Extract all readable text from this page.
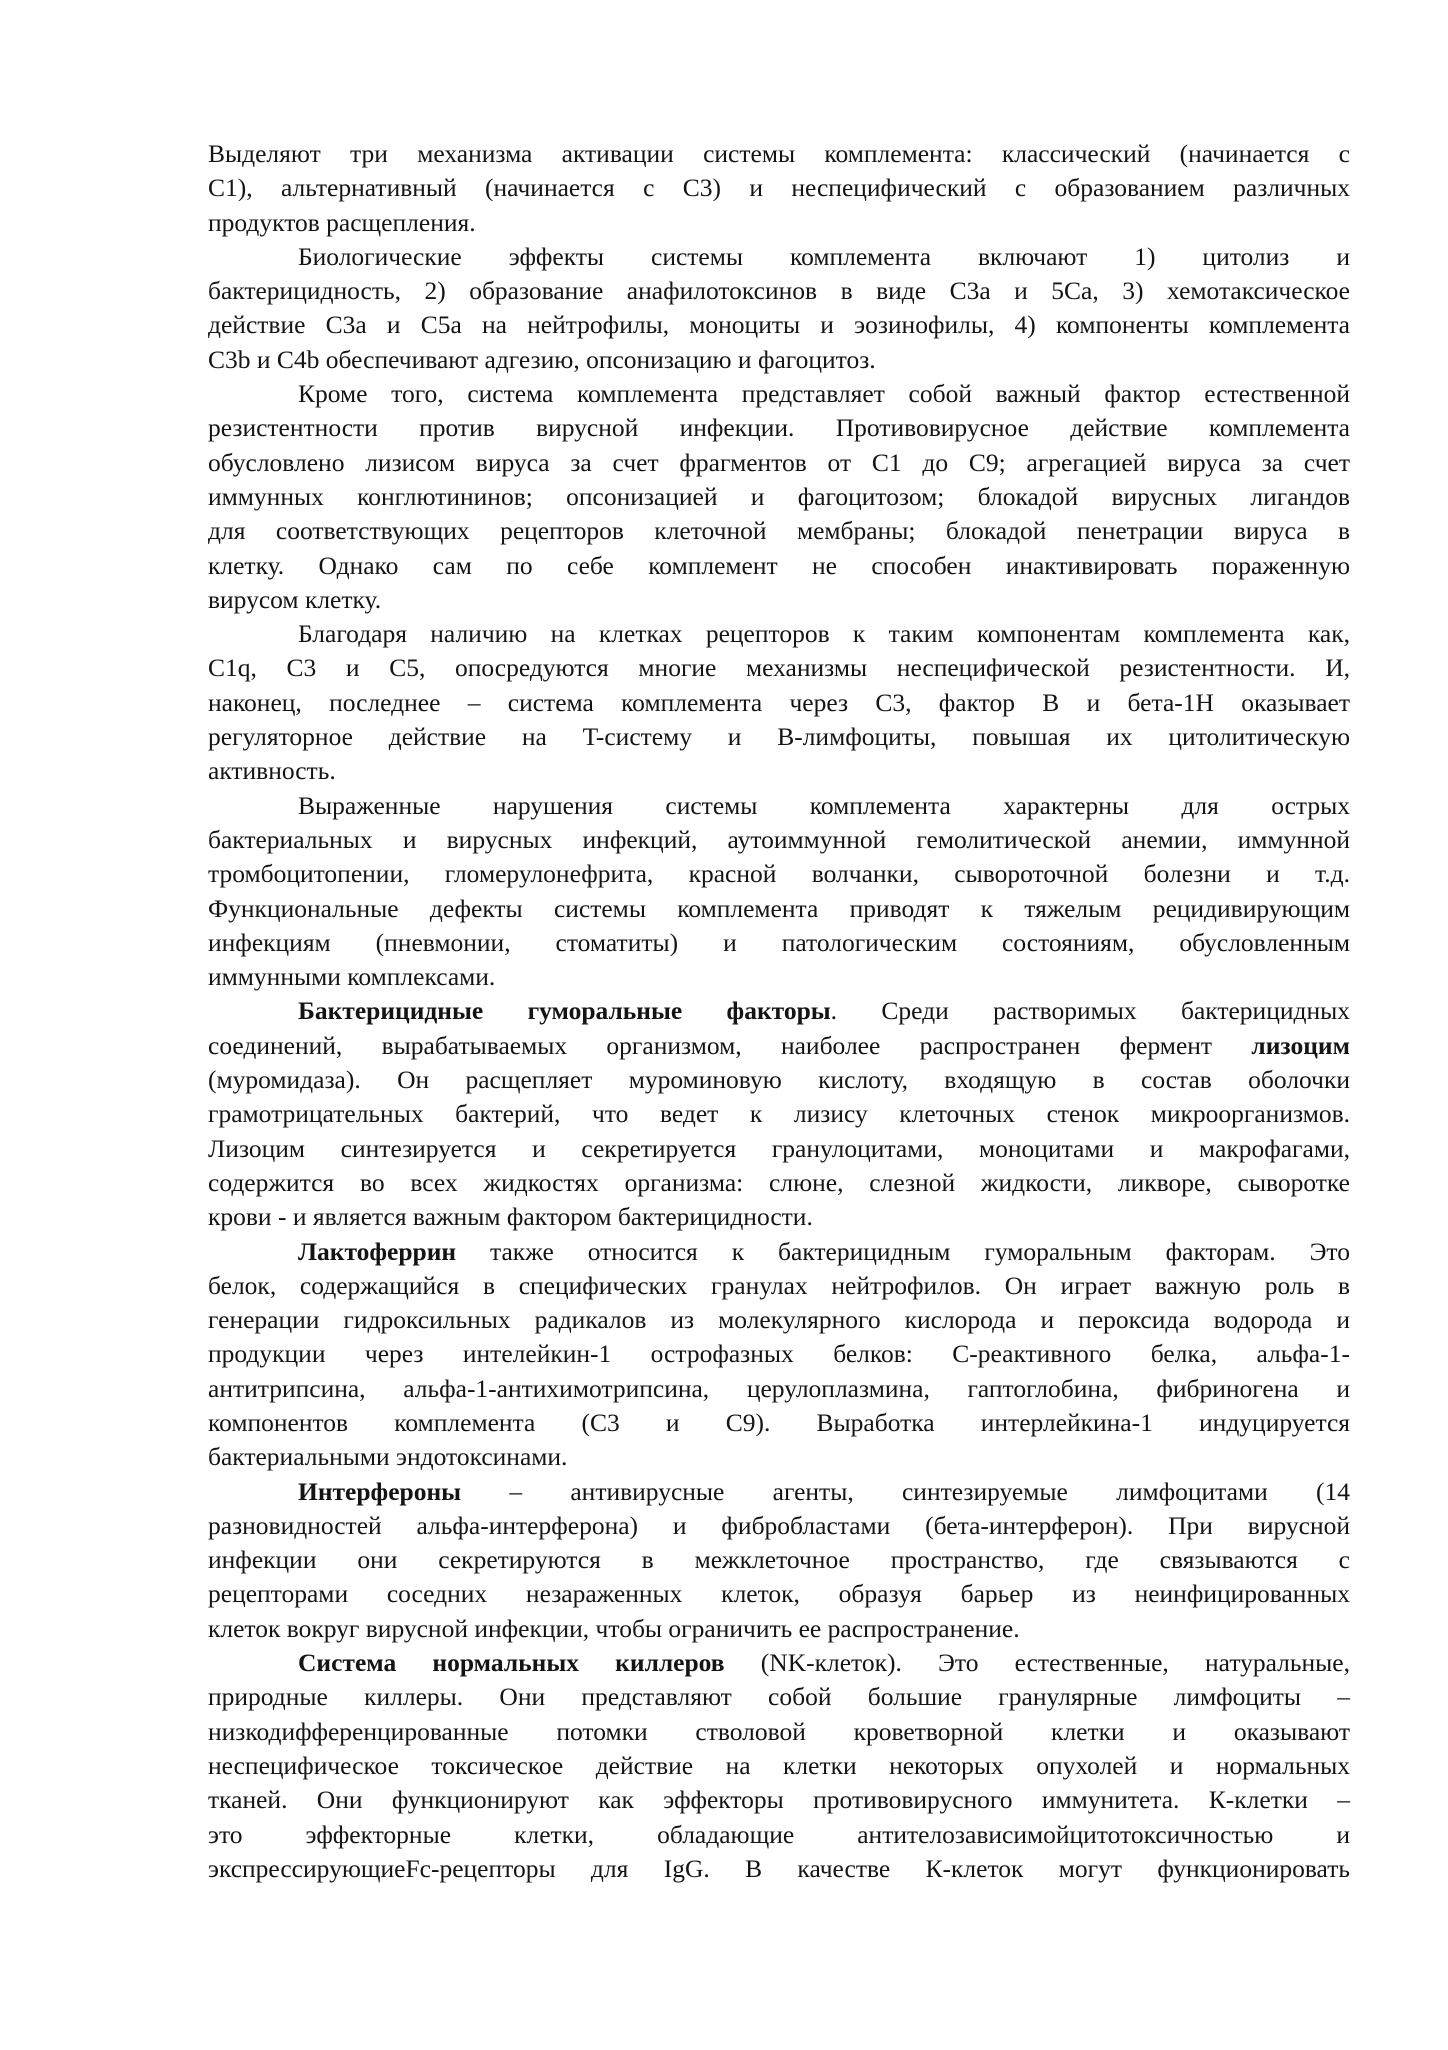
Выделяют три механизма активации системы комплемента: классический (начинается с
C1), альтернативный (начинается с C3) и неспецифический с образованием различных
продуктов расщепления.
Биологические эффекты системы комплемента включают 1) цитолиз и
бактерицидность, 2) образование анафилотоксинов в виде C3a и 5Ca, 3) хемотаксическое
действие C3a и C5a на нейтрофилы, моноциты и эозинофилы, 4) компоненты комплемента
C3b и C4b обеспечивают адгезию, опсонизацию и фагоцитоз.
Кроме того, система комплемента представляет собой важный фактор естественной
резистентности против вирусной инфекции. Противовирусное действие комплемента
обусловлено лизисом вируса за счет фрагментов от C1 до C9; агрегацией вируса за счет
иммунных конглютининов; опсонизацией и фагоцитозом; блокадой вирусных лигандов
для соответствующих рецепторов клеточной мембраны; блокадой пенетрации вируса в
клетку. Однако сам по себе комплемент не способен инактивировать пораженную
вирусом клетку.
Благодаря наличию на клетках рецепторов к таким компонентам комплемента как,
C1q, C3 и C5, опосредуются многие механизмы неспецифической резистентности. И,
наконец, последнее – система комплемента через C3, фактор B и бета-1H оказывает
регуляторное действие на T-систему и B-лимфоциты, повышая их цитолитическую
активность.
Выраженные нарушения системы комплемента характерны для острых
бактериальных и вирусных инфекций, аутоиммунной гемолитической анемии, иммунной
тромбоцитопении, гломерулонефрита, красной волчанки, сывороточной болезни и т.д.
Функциональные дефекты системы комплемента приводят к тяжелым рецидивирующим
инфекциям (пневмонии, стоматиты) и патологическим состояниям, обусловленным
иммунными комплексами.
Бактерицидные гуморальные факторы. Среди растворимых бактерицидных
соединений, вырабатываемых организмом, наиболее распространен фермент лизоцим
(муромидаза). Он расщепляет муроминовую кислоту, входящую в состав оболочки
грамотрицательных бактерий, что ведет к лизису клеточных стенок микроорганизмов.
Лизоцим синтезируется и секретируется гранулоцитами, моноцитами и макрофагами,
содержится во всех жидкостях организма: слюне, слезной жидкости, ликворе, сыворотке
крови - и является важным фактором бактерицидности.
Лактоферрин также относится к бактерицидным гуморальным факторам. Это
белок, содержащийся в специфических гранулах нейтрофилов. Он играет важную роль в
генерации гидроксильных радикалов из молекулярного кислорода и пероксида водорода и
продукции через интелейкин-1 острофазных белков: C-реактивного белка, альфа-1-
антитрипсина, альфа-1-антихимотрипсина, церулоплазмина, гаптоглобина, фибриногена и
компонентов комплемента (C3 и C9). Выработка интерлейкина-1 индуцируется
бактериальными эндотоксинами.
Интерфероны – антивирусные агенты, синтезируемые лимфоцитами (14
разновидностей альфа-интерферона) и фибробластами (бета-интерферон). При вирусной
инфекции они секретируются в межклеточное пространство, где связываются с
рецепторами соседних незараженных клеток, образуя барьер из неинфицированных
клеток вокруг вирусной инфекции, чтобы ограничить ее распространение.
Система нормальных киллеров (NK-клеток). Это естественные, натуральные,
природные киллеры. Они представляют собой большие гранулярные лимфоциты –
низкодифференцированные потомки стволовой кроветворной клетки и оказывают
неспецифическое токсическое действие на клетки некоторых опухолей и нормальных
тканей. Они функционируют как эффекторы противовирусного иммунитета. К-клетки –
это эффекторные клетки, обладающие антителозависимойцитотоксичностью и
экспрессирующиеFc-рецепторы для IgG. В качестве К-клеток могут функционировать
